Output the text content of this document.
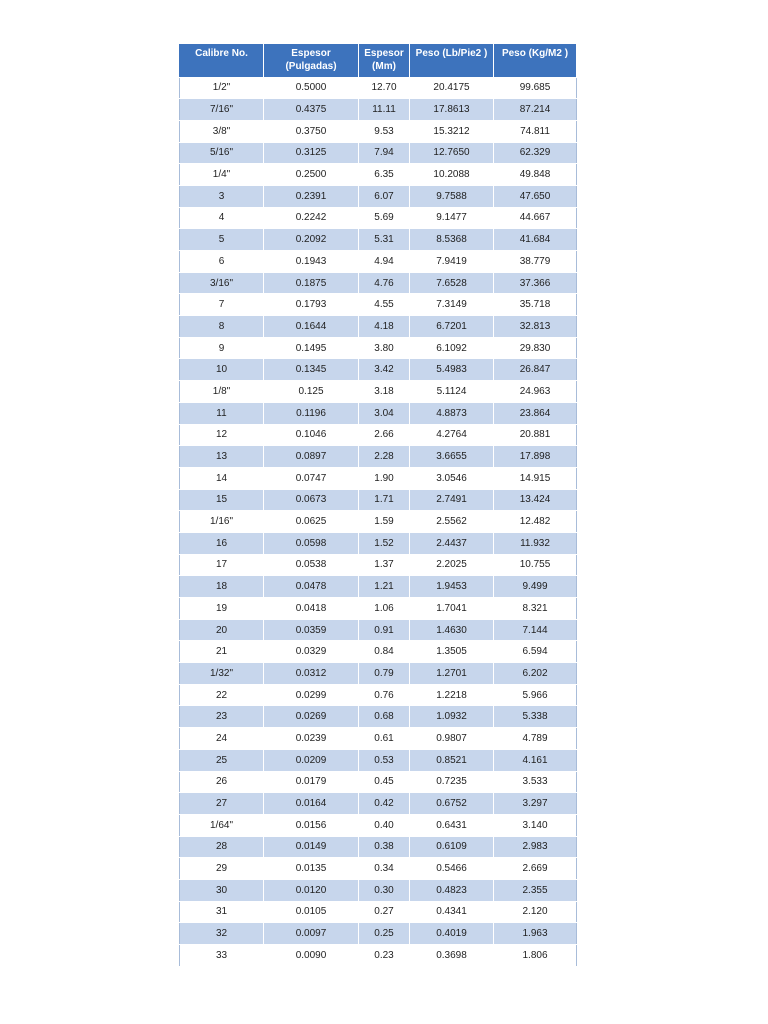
Calibre No.	Espesor (Pulgadas)	Espesor (Mm)	Peso (Lb/Pie2 )	Peso (Kg/M2 )
1/2"	0.5000	12.70	20.4175	99.685
7/16"	0.4375	11.11	17.8613	87.214
3/8"	0.3750	9.53	15.3212	74.811
5/16"	0.3125	7.94	12.7650	62.329
1/4"	0.2500	6.35	10.2088	49.848
3	0.2391	6.07	9.7588	47.650
4	0.2242	5.69	9.1477	44.667
5	0.2092	5.31	8.5368	41.684
6	0.1943	4.94	7.9419	38.779
3/16"	0.1875	4.76	7.6528	37.366
7	0.1793	4.55	7.3149	35.718
8	0.1644	4.18	6.7201	32.813
9	0.1495	3.80	6.1092	29.830
10	0.1345	3.42	5.4983	26.847
1/8"	0.125	3.18	5.1124	24.963
11	0.1196	3.04	4.8873	23.864
12	0.1046	2.66	4.2764	20.881
13	0.0897	2.28	3.6655	17.898
14	0.0747	1.90	3.0546	14.915
15	0.0673	1.71	2.7491	13.424
1/16"	0.0625	1.59	2.5562	12.482
16	0.0598	1.52	2.4437	11.932
17	0.0538	1.37	2.2025	10.755
18	0.0478	1.21	1.9453	9.499
19	0.0418	1.06	1.7041	8.321
20	0.0359	0.91	1.4630	7.144
21	0.0329	0.84	1.3505	6.594
1/32"	0.0312	0.79	1.2701	6.202
22	0.0299	0.76	1.2218	5.966
23	0.0269	0.68	1.0932	5.338
24	0.0239	0.61	0.9807	4.789
25	0.0209	0.53	0.8521	4.161
26	0.0179	0.45	0.7235	3.533
27	0.0164	0.42	0.6752	3.297
1/64"	0.0156	0.40	0.6431	3.140
28	0.0149	0.38	0.6109	2.983
29	0.0135	0.34	0.5466	2.669
30	0.0120	0.30	0.4823	2.355
31	0.0105	0.27	0.4341	2.120
32	0.0097	0.25	0.4019	1.963
33	0.0090	0.23	0.3698	1.806
